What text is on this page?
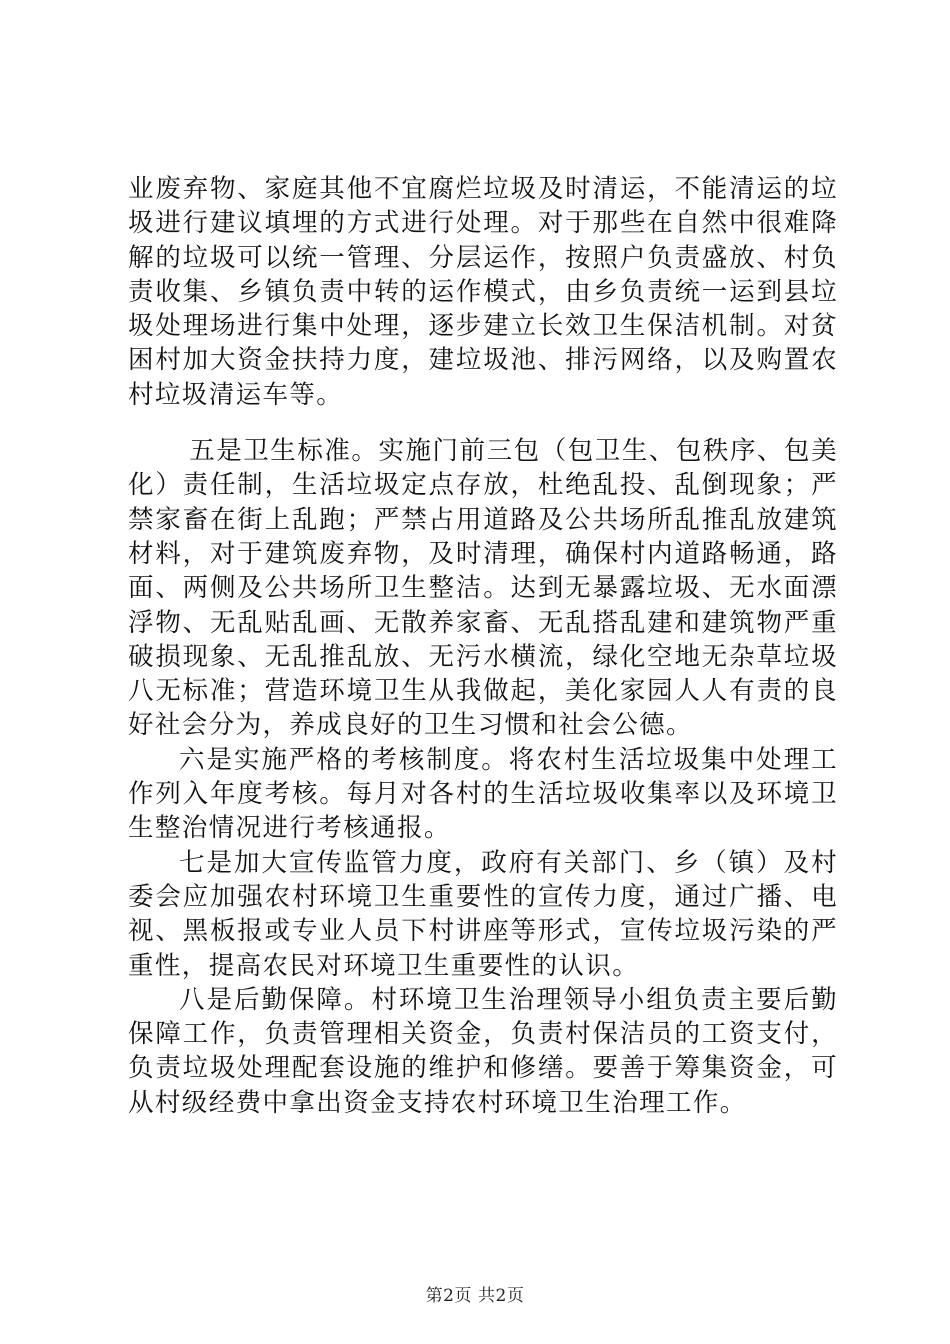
业废弃物、家庭其他不宜腐烂垃圾及时清运，不能清运的垃圾进行建议填埋的方式进行处理。对于那些在自然中很难降解的垃圾可以统一管理、分层运作，按照户负责盛放、村负责收集、乡镇负责中转的运作模式，由乡负责统一运到县垃圾处理场进行集中处理，逐步建立长效卫生保洁机制。对贫困村加大资金扶持力度，建垃圾池、排污网络，以及购置农村垃圾清运车等。

五是卫生标准。实施门前三包（包卫生、包秩序、包美化）责任制，生活垃圾定点存放，杜绝乱投、乱倒现象；严禁家畜在街上乱跑；严禁占用道路及公共场所乱推乱放建筑材料，对于建筑废弃物，及时清理，确保村内道路畅通，路面、两侧及公共场所卫生整洁。达到无暴露垃圾、无水面漂浮物、无乱贴乱画、无散养家畜、无乱搭乱建和建筑物严重破损现象、无乱推乱放、无污水横流，绿化空地无杂草垃圾八无标准；营造环境卫生从我做起，美化家园人人有责的良好社会分为，养成良好的卫生习惯和社会公德。

六是实施严格的考核制度。将农村生活垃圾集中处理工作列入年度考核。每月对各村的生活垃圾收集率以及环境卫生整治情况进行考核通报。

七是加大宣传监管力度，政府有关部门、乡（镇）及村委会应加强农村环境卫生重要性的宣传力度，通过广播、电视、黑板报或专业人员下村讲座等形式，宣传垃圾污染的严重性，提高农民对环境卫生重要性的认识。

八是后勤保障。村环境卫生治理领导小组负责主要后勤保障工作，负责管理相关资金，负责村保洁员的工资支付，负责垃圾处理配套设施的维护和修缮。要善于筹集资金，可从村级经费中拿出资金支持农村环境卫生治理工作。

第2页 共2页
